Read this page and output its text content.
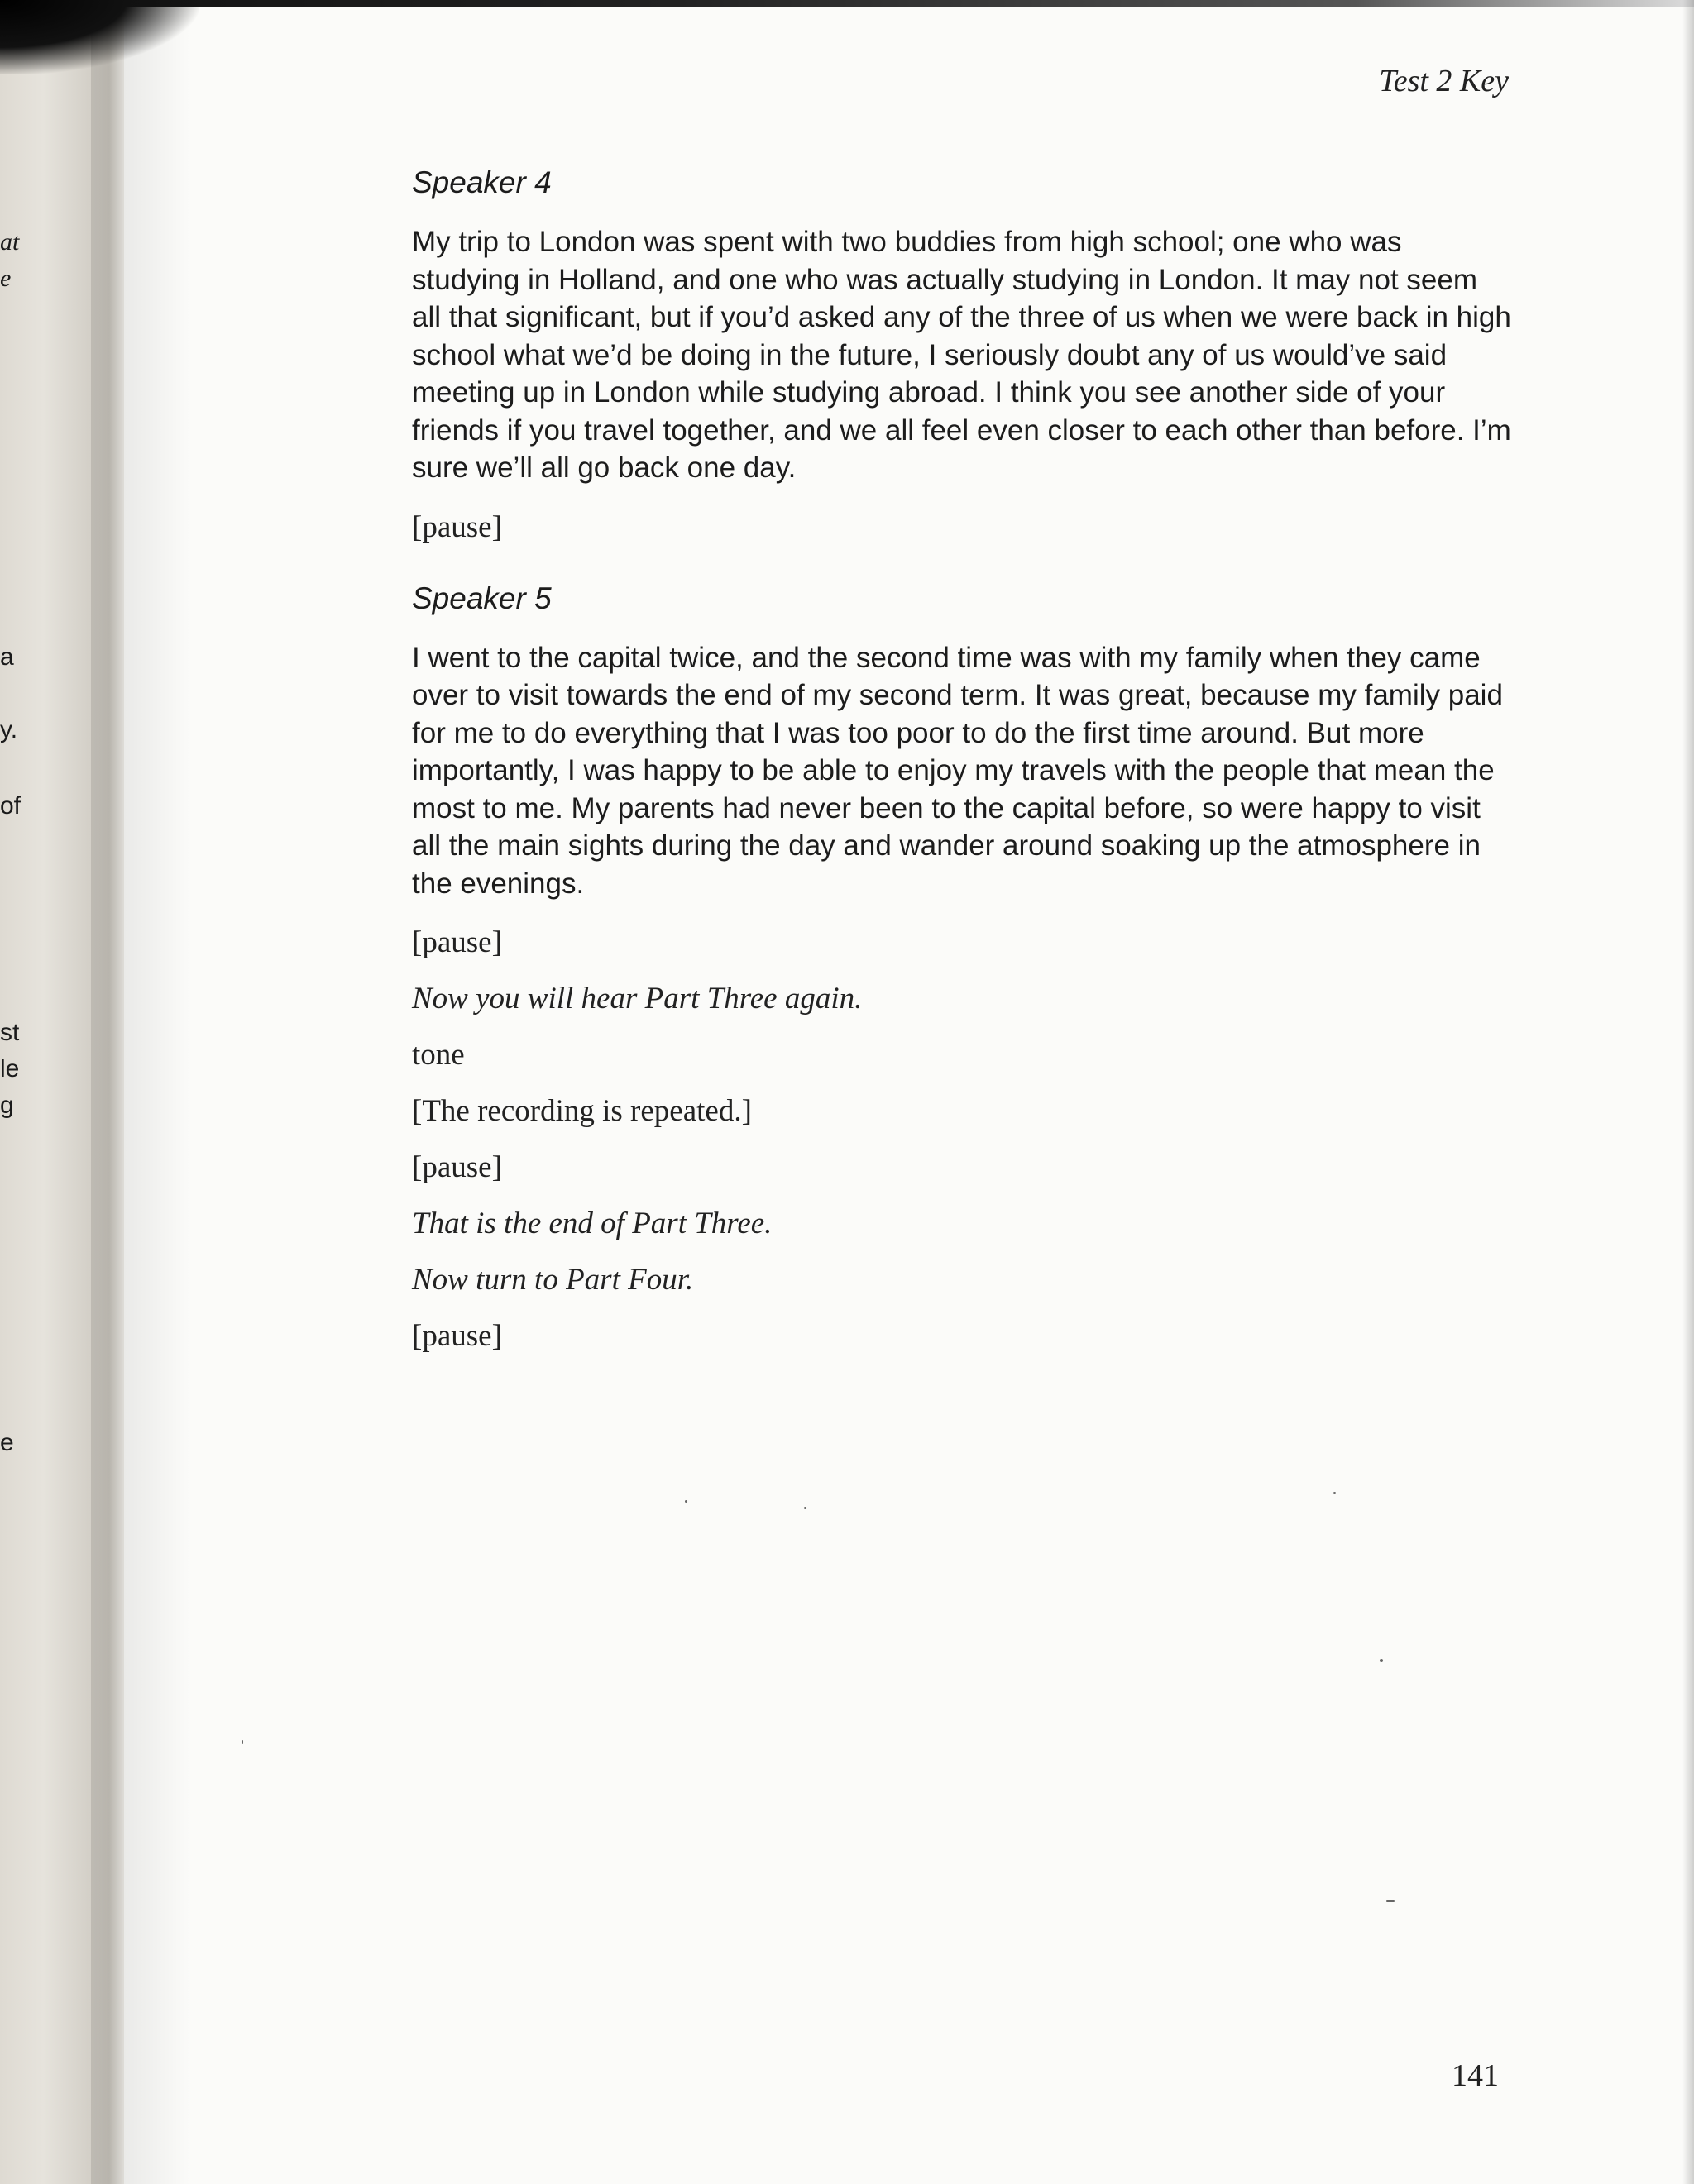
at
e
a
y.
of
st
le
g
e
Test 2 Key
Speaker 4

My trip to London was spent with two buddies from high school; one who was studying in Holland, and one who was actually studying in London. It may not seem all that significant, but if you’d asked any of the three of us when we were back in high school what we’d be doing in the future, I seriously doubt any of us would’ve said meeting up in London while studying abroad. I think you see another side of your friends if you travel together, and we all feel even closer to each other than before. I’m sure we’ll all go back one day.

[pause]
Speaker 5

I went to the capital twice, and the second time was with my family when they came over to visit towards the end of my second term. It was great, because my family paid for me to do everything that I was too poor to do the first time around. But more importantly, I was happy to be able to enjoy my travels with the people that mean the most to me. My parents had never been to the capital before, so were happy to visit all the main sights during the day and wander around soaking up the atmosphere in the evenings.

[pause]
Now you will hear Part Three again.
tone
[The recording is repeated.]
[pause]
That is the end of Part Three.
Now turn to Part Four.
[pause]
141
